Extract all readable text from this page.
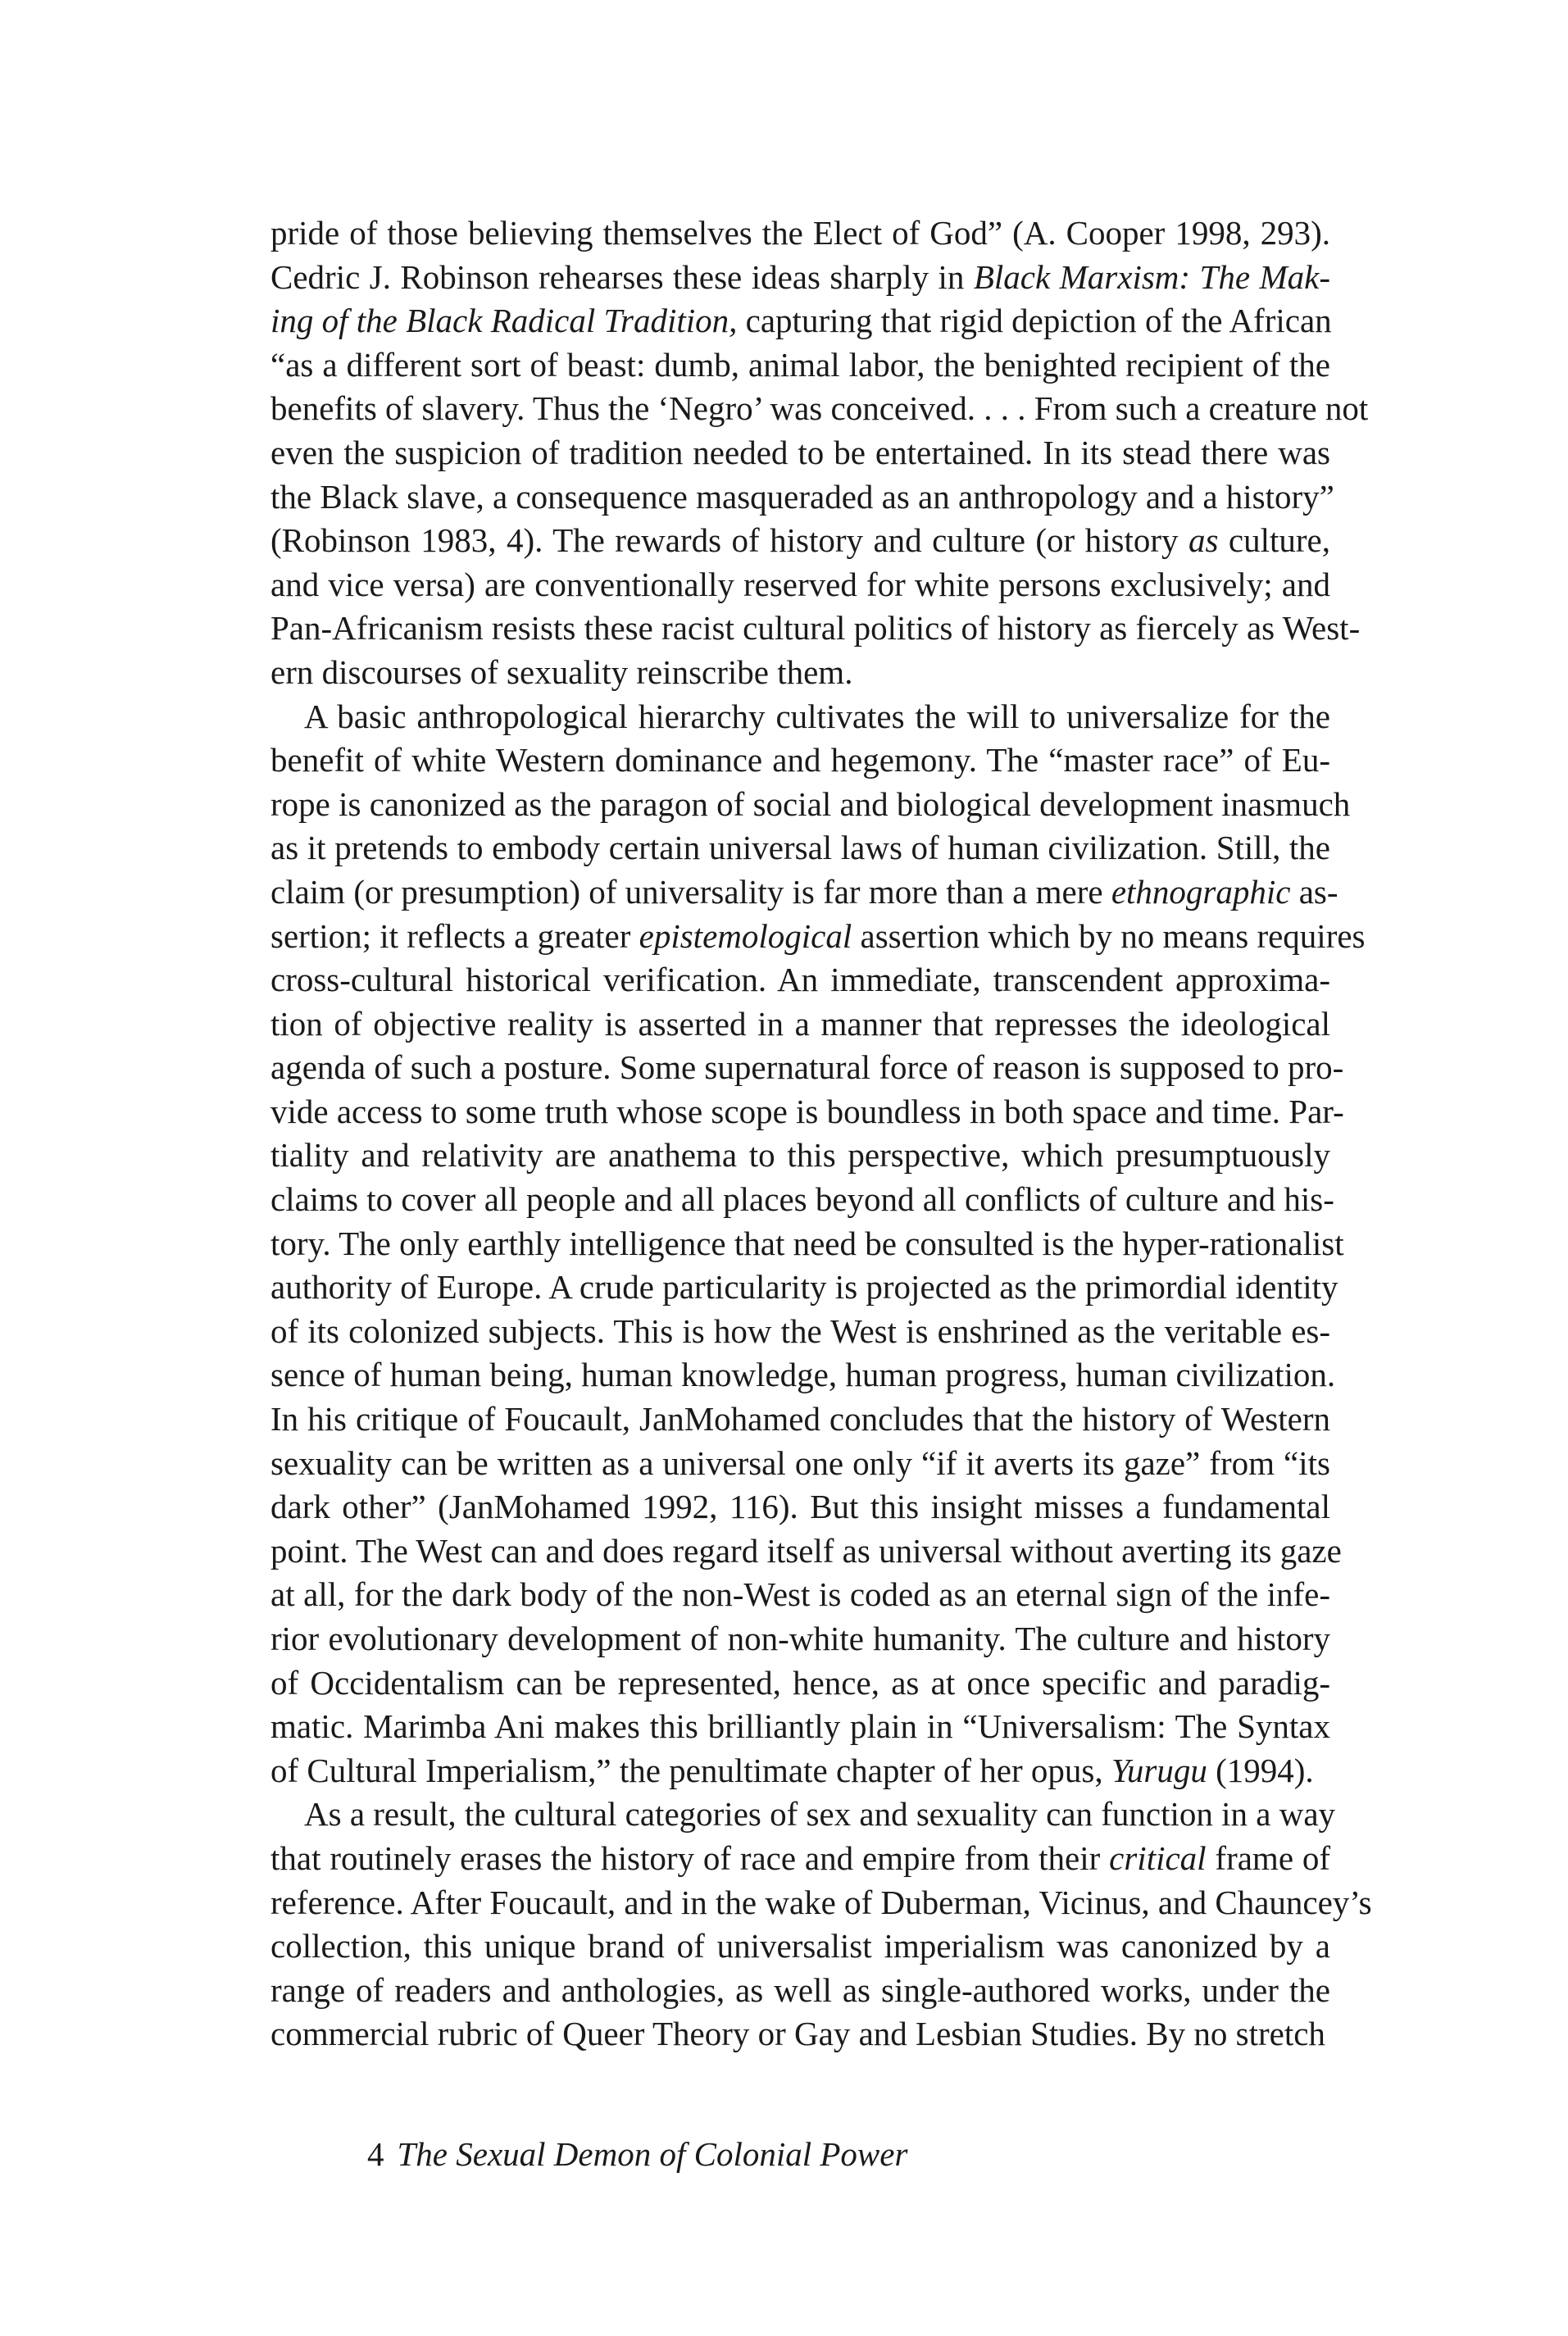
pride of those believing themselves the Elect of God” (A. Cooper 1998, 293).
Cedric J. Robinson rehearses these ideas sharply in Black Marxism: The Mak-
ing of the Black Radical Tradition, capturing that rigid depiction of the African
“as a different sort of beast: dumb, animal labor, the benighted recipient of the
benefits of slavery. Thus the ‘Negro’ was conceived. . . . From such a creature not
even the suspicion of tradition needed to be entertained. In its stead there was
the Black slave, a consequence masqueraded as an anthropology and a history”
(Robinson 1983, 4). The rewards of history and culture (or history as culture,
and vice versa) are conventionally reserved for white persons exclusively; and
Pan-Africanism resists these racist cultural politics of history as fiercely as West-
ern discourses of sexuality reinscribe them.
 A basic anthropological hierarchy cultivates the will to universalize for the
benefit of white Western dominance and hegemony. The “master race” of Eu-
rope is canonized as the paragon of social and biological development inasmuch
as it pretends to embody certain universal laws of human civilization. Still, the
claim (or presumption) of universality is far more than a mere ethnographic as-
sertion; it reflects a greater epistemological assertion which by no means requires
cross-cultural historical verification. An immediate, transcendent approxima-
tion of objective reality is asserted in a manner that represses the ideological
agenda of such a posture. Some supernatural force of reason is supposed to pro-
vide access to some truth whose scope is boundless in both space and time. Par-
tiality and relativity are anathema to this perspective, which presumptuously
claims to cover all people and all places beyond all conflicts of culture and his-
tory. The only earthly intelligence that need be consulted is the hyper-rationalist
authority of Europe. A crude particularity is projected as the primordial identity
of its colonized subjects. This is how the West is enshrined as the veritable es-
sence of human being, human knowledge, human progress, human civilization.
In his critique of Foucault, JanMohamed concludes that the history of Western
sexuality can be written as a universal one only “if it averts its gaze” from “its
dark other” (JanMohamed 1992, 116). But this insight misses a fundamental
point. The West can and does regard itself as universal without averting its gaze
at all, for the dark body of the non-West is coded as an eternal sign of the infe-
rior evolutionary development of non-white humanity. The culture and history
of Occidentalism can be represented, hence, as at once specific and paradig-
matic. Marimba Ani makes this brilliantly plain in “Universalism: The Syntax
of Cultural Imperialism,” the penultimate chapter of her opus, Yurugu (1994).
 As a result, the cultural categories of sex and sexuality can function in a way
that routinely erases the history of race and empire from their critical frame of
reference. After Foucault, and in the wake of Duberman, Vicinus, and Chauncey’s
collection, this unique brand of universalist imperialism was canonized by a
range of readers and anthologies, as well as single-authored works, under the
commercial rubric of Queer Theory or Gay and Lesbian Studies. By no stretch
4 The Sexual Demon of Colonial Power
